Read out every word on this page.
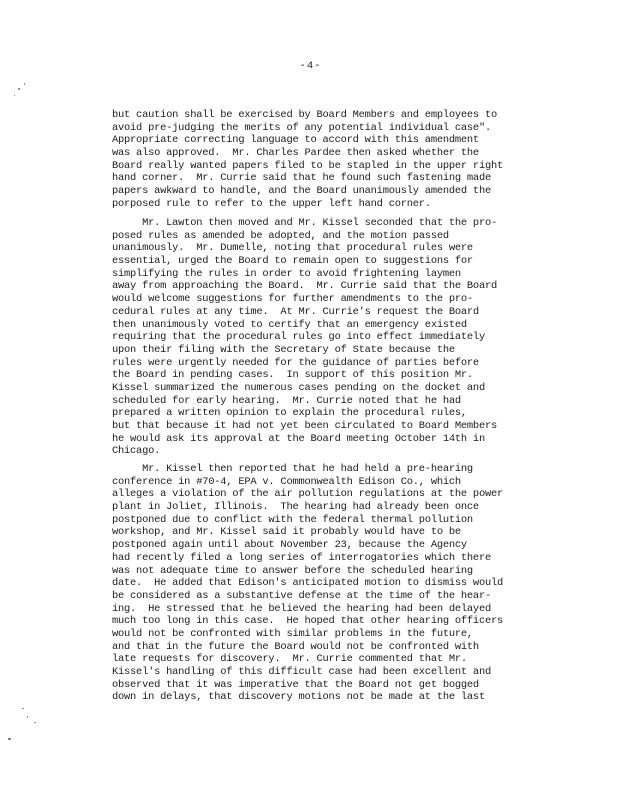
-4-
but caution shall be exercised by Board Members and employees to
avoid pre-judging the merits of any potential individual case".
Appropriate correcting language to accord with this amendment
was also approved.  Mr. Charles Pardee then asked whether the
Board really wanted papers filed to be stapled in the upper right
hand corner.  Mr. Currie said that he found such fastening made
papers awkward to handle, and the Board unanimously amended the
porposed rule to refer to the upper left hand corner.
Mr. Lawton then moved and Mr. Kissel seconded that the pro-
posed rules as amended be adopted, and the motion passed
unanimously.  Mr. Dumelle, noting that procedural rules were
essential, urged the Board to remain open to suggestions for
simplifying the rules in order to avoid frightening laymen
away from approaching the Board.  Mr. Currie said that the Board
would welcome suggestions for further amendments to the pro-
cedural rules at any time.  At Mr. Currie's request the Board
then unanimously voted to certify that an emergency existed
requiring that the procedural rules go into effect immediately
upon their filing with the Secretary of State because the
rules were urgently needed for the guidance of parties before
the Board in pending cases.  In support of this position Mr.
Kissel summarized the numerous cases pending on the docket and
scheduled for early hearing.  Mr. Currie noted that he had
prepared a written opinion to explain the procedural rules,
but that because it had not yet been circulated to Board Members
he would ask its approval at the Board meeting October 14th in
Chicago.
Mr. Kissel then reported that he had held a pre-hearing
conference in #70-4, EPA v. Commonwealth Edison Co., which
alleges a violation of the air pollution regulations at the power
plant in Joliet, Illinois.  The hearing had already been once
postponed due to conflict with the federal thermal pollution
workshop, and Mr. Kissel said it probably would have to be
postponed again until about November 23, because the Agency
had recently filed a long series of interrogatories which there
was not adequate time to answer before the scheduled hearing
date.  He added that Edison's anticipated motion to dismiss would
be considered as a substantive defense at the time of the hear-
ing.  He stressed that he believed the hearing had been delayed
much too long in this case.  He hoped that other hearing officers
would not be confronted with similar problems in the future,
and that in the future the Board would not be confronted with
late requests for discovery.  Mr. Currie commented that Mr.
Kissel's handling of this difficult case had been excellent and
observed that it was imperative that the Board not get bogged
down in delays, that discovery motions not be made at the last
